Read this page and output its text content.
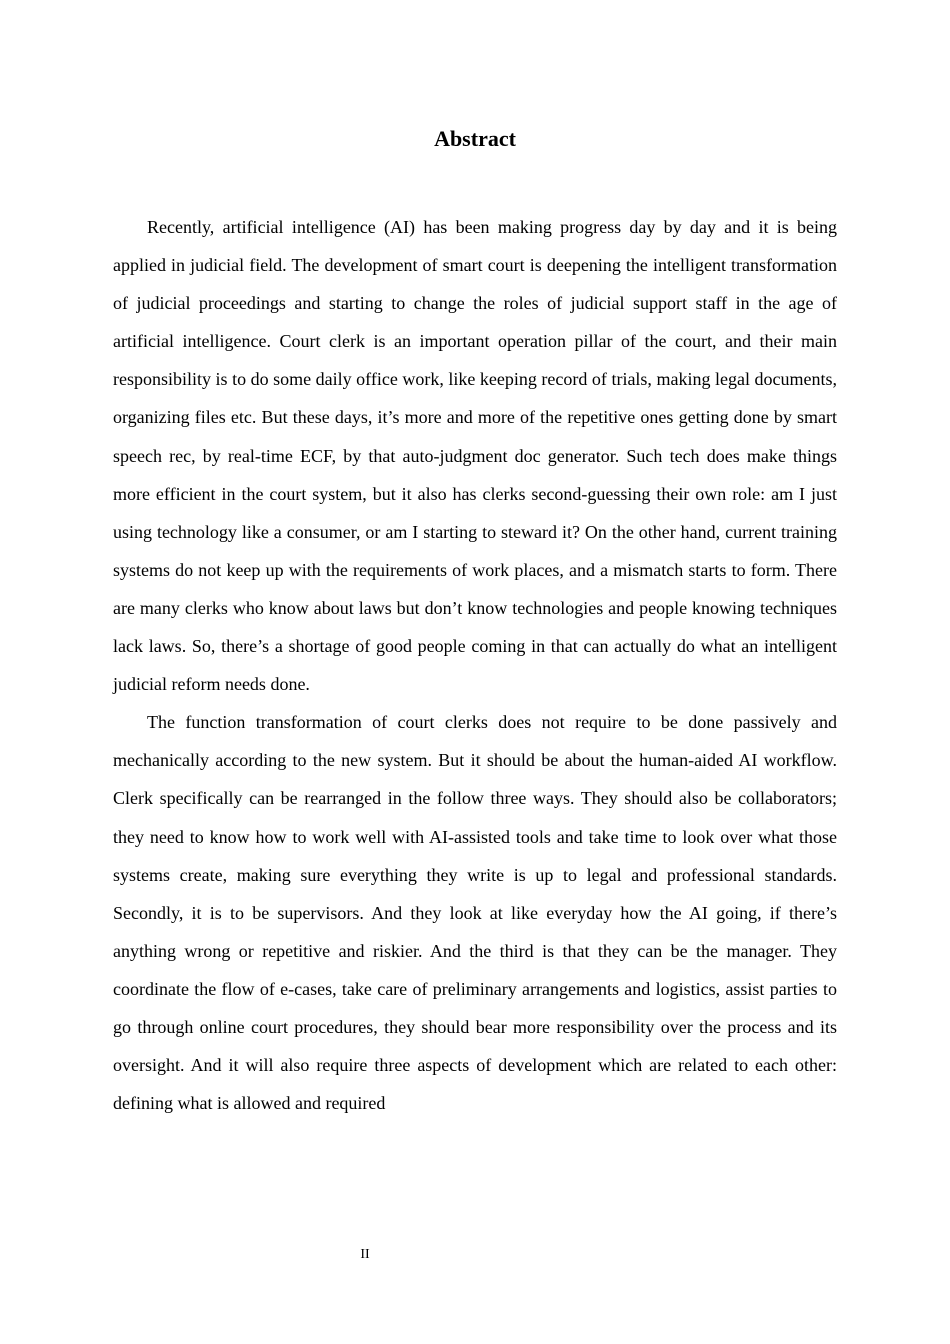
Abstract

Recently, artificial intelligence (AI) has been making progress day by day and it is being applied in judicial field. The development of smart court is deepening the intelligent transformation of judicial proceedings and starting to change the roles of judicial support staff in the age of artificial intelligence. Court clerk is an important operation pillar of the court, and their main responsibility is to do some daily office work, like keeping record of trials, making legal documents, organizing files etc. But these days, it’s more and more of the repetitive ones getting done by smart speech rec, by real-time ECF, by that auto-judgment doc generator. Such tech does make things more efficient in the court system, but it also has clerks second-guessing their own role: am I just using technology like a consumer, or am I starting to steward it? On the other hand, current training systems do not keep up with the requirements of work places, and a mismatch starts to form. There are many clerks who know about laws but don’t know technologies and people knowing techniques lack laws. So, there’s a shortage of good people coming in that can actually do what an intelligent judicial reform needs done.

The function transformation of court clerks does not require to be done passively and mechanically according to the new system. But it should be about the human-aided AI workflow. Clerk specifically can be rearranged in the follow three ways. They should also be collaborators; they need to know how to work well with AI-assisted tools and take time to look over what those systems create, making sure everything they write is up to legal and professional standards. Secondly, it is to be supervisors. And they look at like everyday how the AI going, if there’s anything wrong or repetitive and riskier. And the third is that they can be the manager. They coordinate the flow of e-cases, take care of preliminary arrangements and logistics, assist parties to go through online court procedures, they should bear more responsibility over the process and its oversight. And it will also require three aspects of development which are related to each other: defining what is allowed and required

II
